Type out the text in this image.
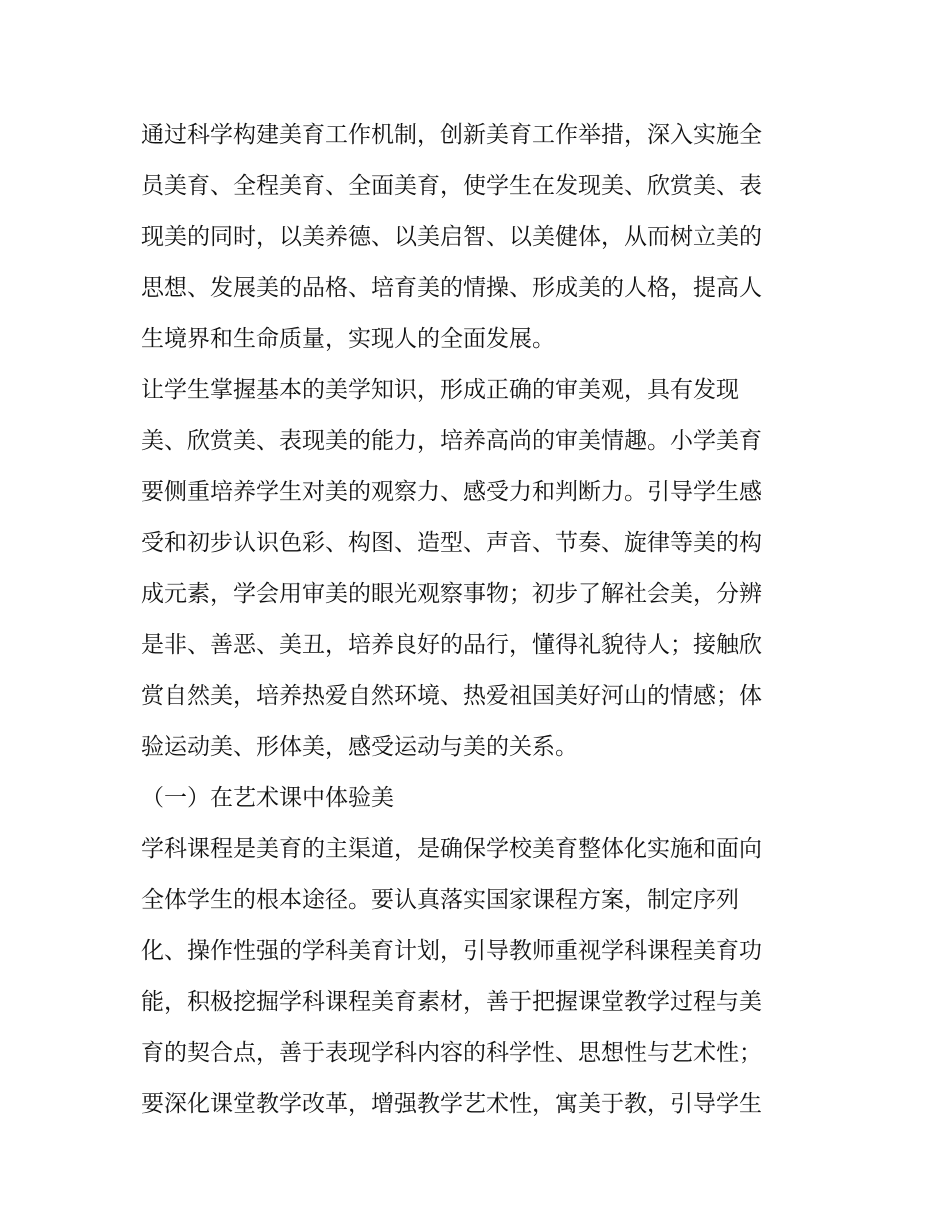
通过科学构建美育工作机制，创新美育工作举措，深入实施全
员美育、全程美育、全面美育，使学生在发现美、欣赏美、表
现美的同时，以美养德、以美启智、以美健体，从而树立美的
思想、发展美的品格、培育美的情操、形成美的人格，提高人
生境界和生命质量，实现人的全面发展。
让学生掌握基本的美学知识，形成正确的审美观，具有发现
美、欣赏美、表现美的能力，培养高尚的审美情趣。小学美育
要侧重培养学生对美的观察力、感受力和判断力。引导学生感
受和初步认识色彩、构图、造型、声音、节奏、旋律等美的构
成元素，学会用审美的眼光观察事物；初步了解社会美，分辨
是非、善恶、美丑，培养良好的品行，懂得礼貌待人；接触欣
赏自然美，培养热爱自然环境、热爱祖国美好河山的情感；体
验运动美、形体美，感受运动与美的关系。
（一）在艺术课中体验美
学科课程是美育的主渠道，是确保学校美育整体化实施和面向
全体学生的根本途径。要认真落实国家课程方案，制定序列
化、操作性强的学科美育计划，引导教师重视学科课程美育功
能，积极挖掘学科课程美育素材，善于把握课堂教学过程与美
育的契合点，善于表现学科内容的科学性、思想性与艺术性；
要深化课堂教学改革，增强教学艺术性，寓美于教，引导学生
